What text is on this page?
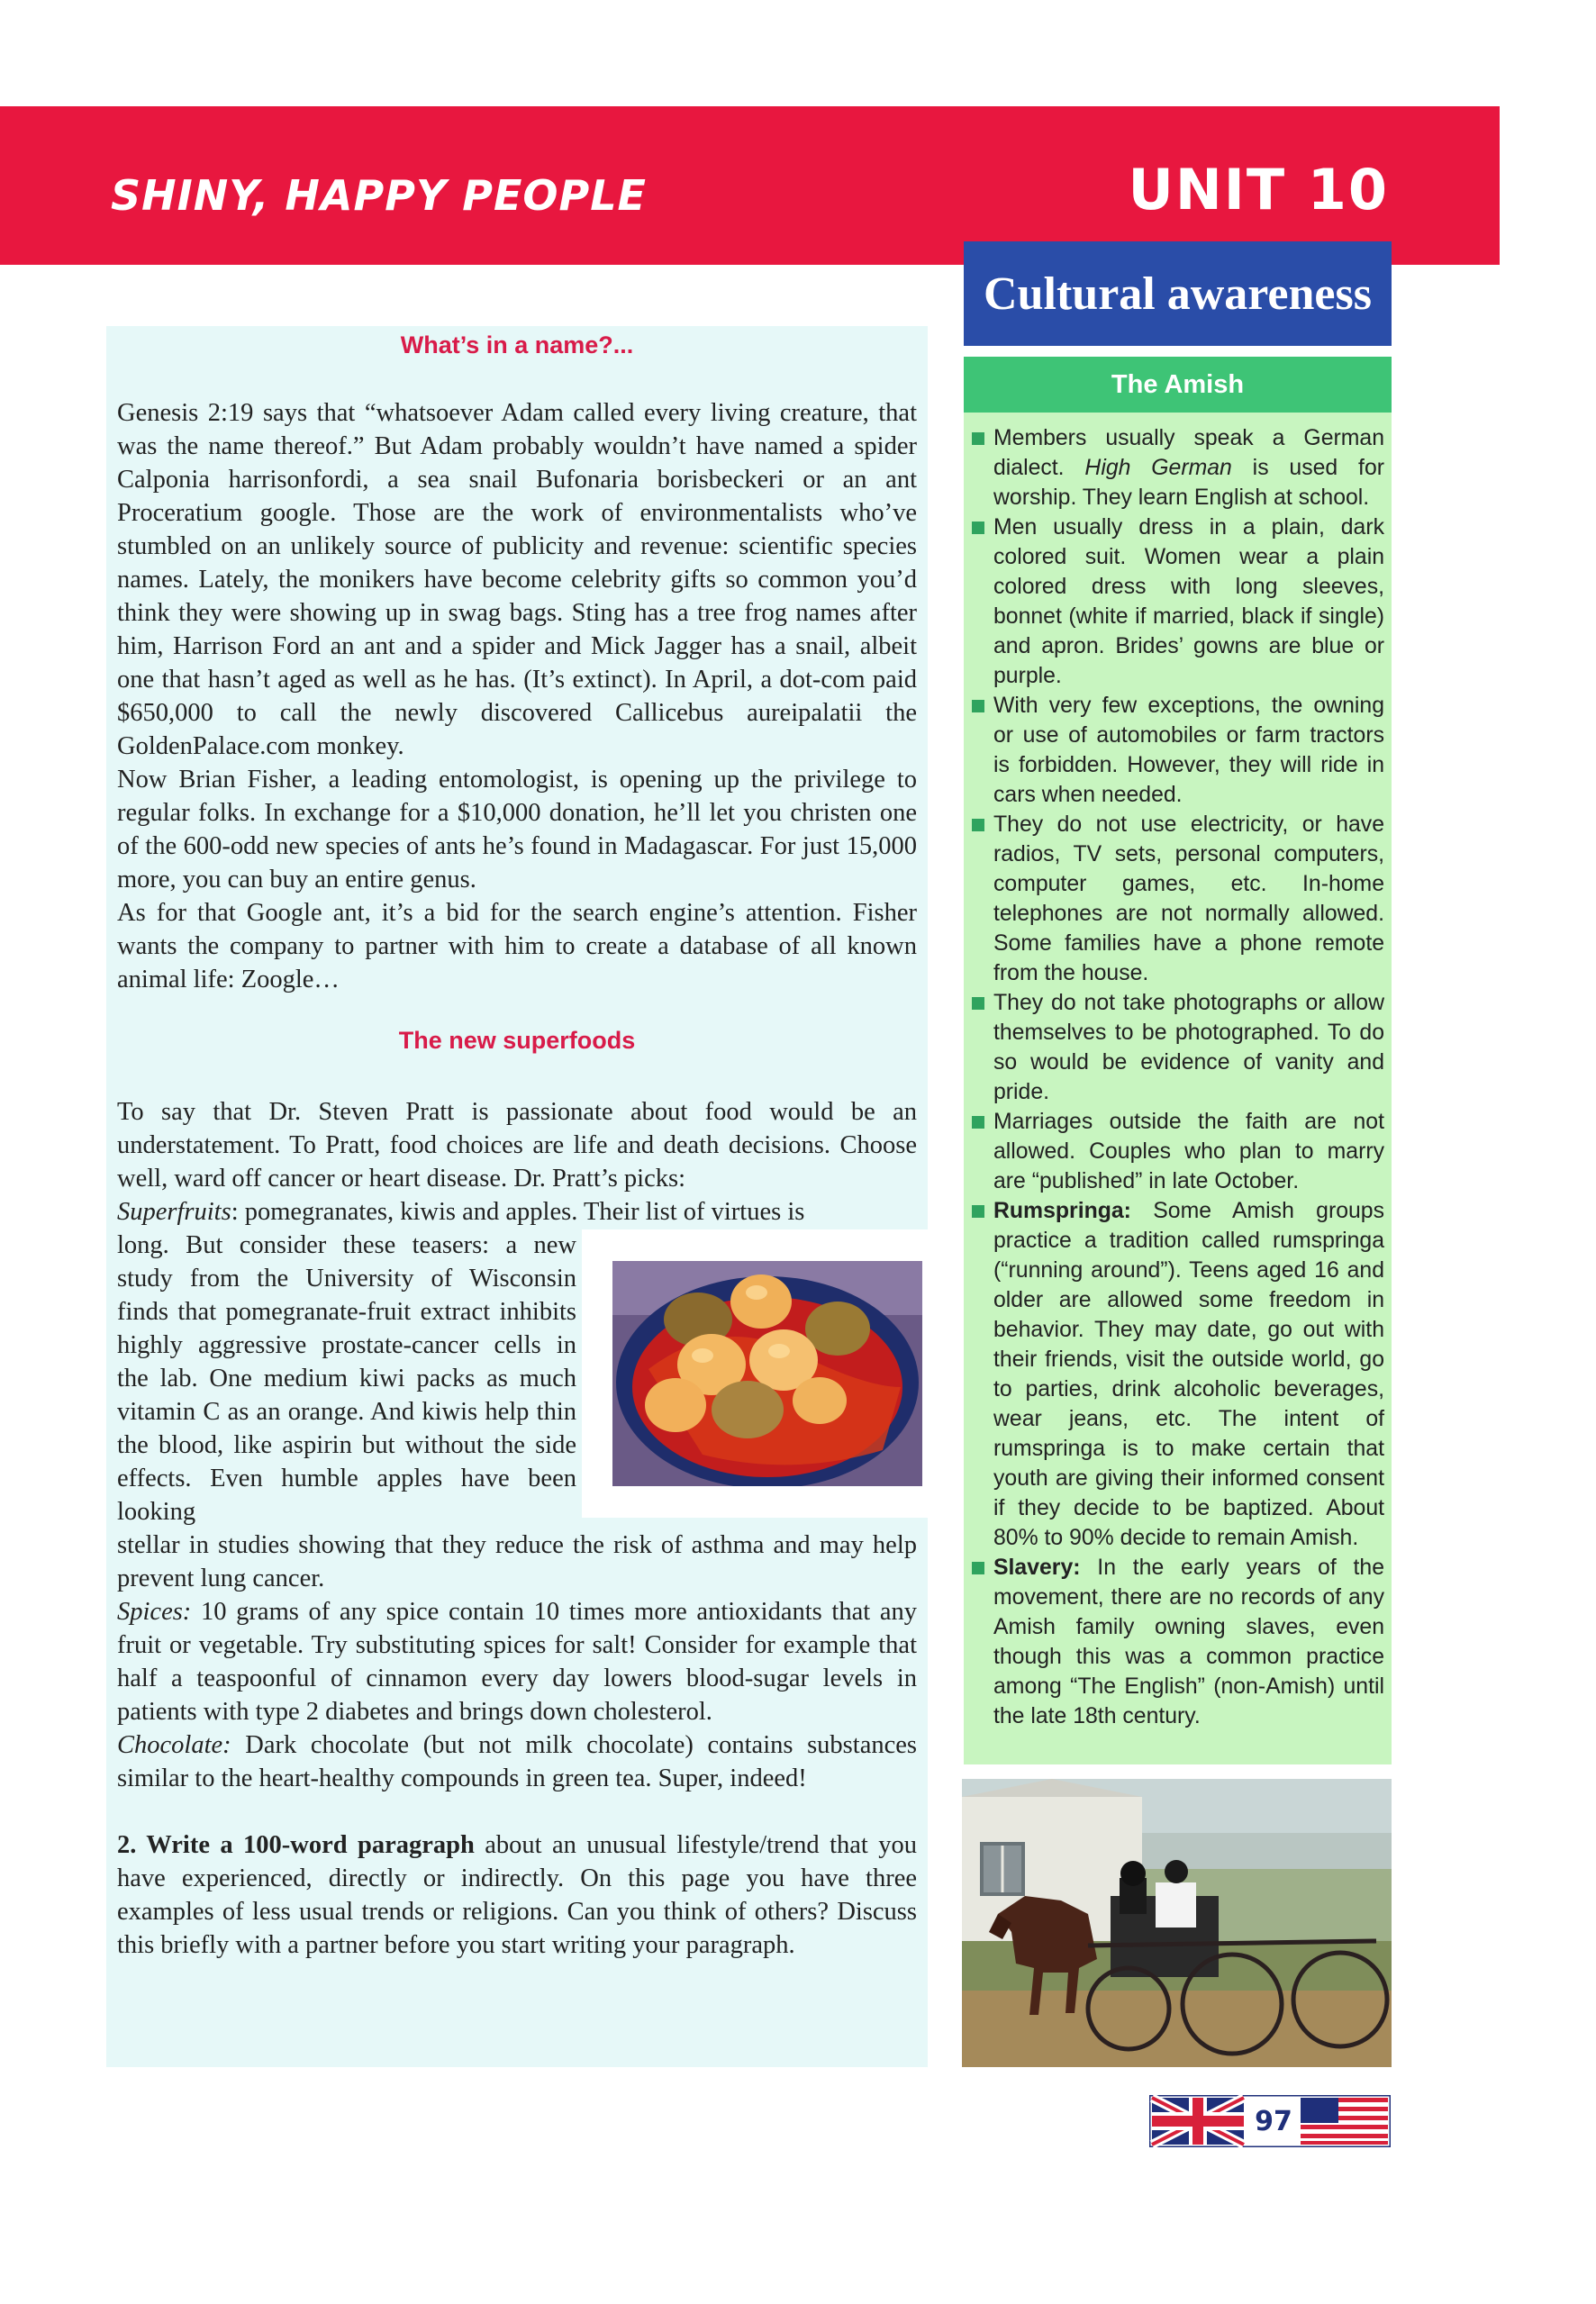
SHINY, HAPPY PEOPLE	UNIT 10
Cultural awareness
What’s in a name?...

Genesis 2:19 says that “whatsoever Adam called every living creature, that was the name thereof.” But Adam probably wouldn’t have named a spider Calponia harrisonfordi, a sea snail Bufonaria borisbeckeri or an ant Proceratium google. Those are the work of environmentalists who’ve stumbled on an unlikely source of publicity and revenue: scientific species names. Lately, the monikers have become celebrity gifts so common you’d think they were showing up in swag bags. Sting has a tree frog names after him, Harrison Ford an ant and a spider and Mick Jagger has a snail, albeit one that hasn’t aged as well as he has. (It’s extinct). In April, a dot-com paid $650,000 to call the newly discovered Callicebus aureipalatii the GoldenPalace.com monkey.

Now Brian Fisher, a leading entomologist, is opening up the privilege to regular folks. In exchange for a $10,000 donation, he’ll let you christen one of the 600-odd new species of ants he’s found in Madagascar. For just 15,000 more, you can buy an entire genus.

As for that Google ant, it’s a bid for the search engine’s attention. Fisher wants the company to partner with him to create a database of all known animal life: Zoogle…

The new superfoods

To say that Dr. Steven Pratt is passionate about food would be an understatement. To Pratt, food choices are life and death decisions. Choose well, ward off cancer or heart disease. Dr. Pratt’s picks:

Superfruits: pomegranates, kiwis and apples. Their list of virtues is

long. But consider these teasers: a new study from the University of Wisconsin finds that pomegranate-fruit extract inhibits highly aggressive prostate-cancer cells in the lab. One medium kiwi packs as much vitamin C as an orange. And kiwis help thin the blood, like aspirin but without the side effects. Even humble apples have been looking

stellar in studies showing that they reduce the risk of asthma and may help prevent lung cancer.

Spices: 10 grams of any spice contain 10 times more antioxidants that any fruit or vegetable. Try substituting spices for salt! Consider for example that half a teaspoonful of cinnamon every day lowers blood-sugar levels in patients with type 2 diabetes and brings down cholesterol.

Chocolate: Dark chocolate (but not milk chocolate) contains substances similar to the heart-healthy compounds in green tea. Super, indeed!

2. Write a 100-word paragraph about an unusual lifestyle/trend that you have experienced, directly or indirectly. On this page you have three examples of less usual trends or religions. Can you think of others? Discuss this briefly with a partner before you start writing your paragraph.

The Amish
Members usually speak a German dialect. High German is used for worship. They learn English at school.
Men usually dress in a plain, dark colored suit. Women wear a plain colored dress with long sleeves, bonnet (white if married, black if single) and apron. Brides’ gowns are blue or purple.
With very few exceptions, the owning or use of automobiles or farm tractors is forbidden. However, they will ride in cars when needed.
They do not use electricity, or have radios, TV sets, personal computers, computer games, etc. In-home telephones are not normally allowed. Some families have a phone remote from the house.
They do not take photographs or allow themselves to be photographed. To do so would be evidence of vanity and pride.
Marriages outside the faith are not allowed. Couples who plan to marry are “published” in late October.
Rumspringa: Some Amish groups practice a tradition called rumspringa (“running around”). Teens aged 16 and older are allowed some freedom in behavior. They may date, go out with their friends, visit the outside world, go to parties, drink alcoholic beverages, wear jeans, etc. The intent of rumspringa is to make certain that youth are giving their informed consent if they decide to be baptized. About 80% to 90% decide to remain Amish.
Slavery: In the early years of the movement, there are no records of any Amish family owning slaves, even though this was a common practice among “The English” (non-Amish) until the late 18th century.
97
